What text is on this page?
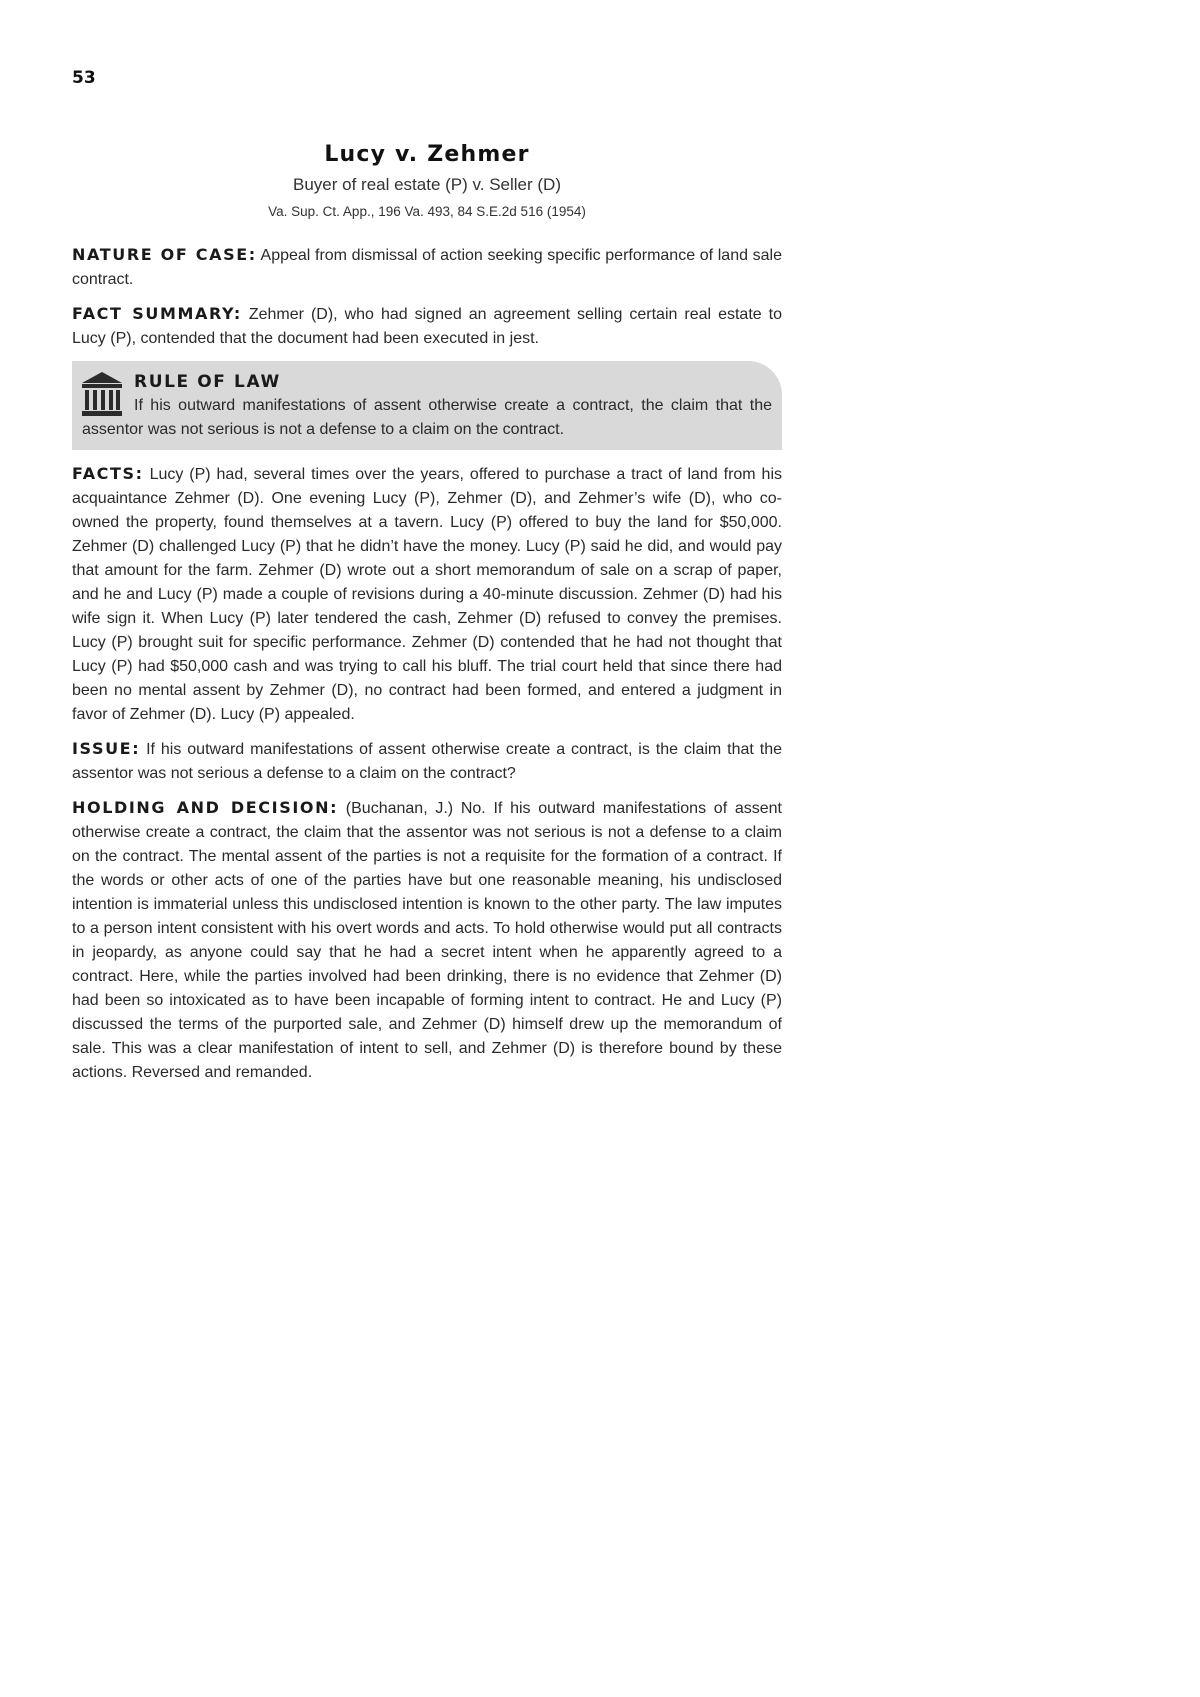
53
Lucy v. Zehmer
Buyer of real estate (P) v. Seller (D)
Va. Sup. Ct. App., 196 Va. 493, 84 S.E.2d 516 (1954)

NATURE OF CASE: Appeal from dismissal of action seeking specific performance of land sale contract.

FACT SUMMARY: Zehmer (D), who had signed an agreement selling certain real estate to Lucy (P), contended that the document had been executed in jest.

RULE OF LAW
If his outward manifestations of assent otherwise create a contract, the claim that the assentor was not serious is not a defense to a claim on the contract.

FACTS: Lucy (P) had, several times over the years, offered to purchase a tract of land from his acquaintance Zehmer (D). One evening Lucy (P), Zehmer (D), and Zehmer’s wife (D), who co-owned the property, found themselves at a tavern. Lucy (P) offered to buy the land for $50,000. Zehmer (D) challenged Lucy (P) that he didn’t have the money. Lucy (P) said he did, and would pay that amount for the farm. Zehmer (D) wrote out a short memorandum of sale on a scrap of paper, and he and Lucy (P) made a couple of revisions during a 40-minute discussion. Zehmer (D) had his wife sign it. When Lucy (P) later tendered the cash, Zehmer (D) refused to convey the premises. Lucy (P) brought suit for specific performance. Zehmer (D) contended that he had not thought that Lucy (P) had $50,000 cash and was trying to call his bluff. The trial court held that since there had been no mental assent by Zehmer (D), no contract had been formed, and entered a judgment in favor of Zehmer (D). Lucy (P) appealed.

ISSUE: If his outward manifestations of assent otherwise create a contract, is the claim that the assentor was not serious a defense to a claim on the contract?

HOLDING AND DECISION: (Buchanan, J.) No. If his outward manifestations of assent otherwise create a contract, the claim that the assentor was not serious is not a defense to a claim on the contract. The mental assent of the parties is not a requisite for the formation of a contract. If the words or other acts of one of the parties have but one reasonable meaning, his undisclosed intention is immaterial unless this undisclosed intention is known to the other party. The law imputes to a person intent consistent with his overt words and acts. To hold otherwise would put all contracts in jeopardy, as anyone could say that he had a secret intent when he apparently agreed to a contract. Here, while the parties involved had been drinking, there is no evidence that Zehmer (D) had been so intoxicated as to have been incapable of forming intent to contract. He and Lucy (P) discussed the terms of the purported sale, and Zehmer (D) himself drew up the memorandum of sale. This was a clear manifestation of intent to sell, and Zehmer (D) is therefore bound by these actions. Reversed and remanded.
